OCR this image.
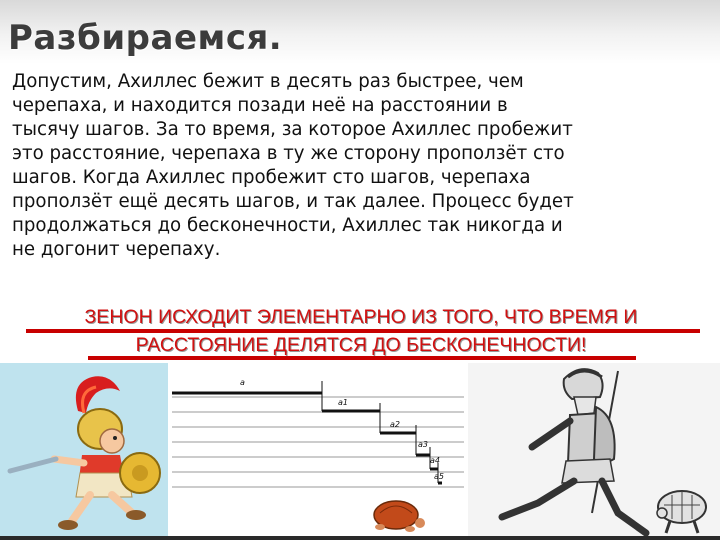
Разбираемся.
Допустим, Ахиллес бежит в десять раз быстрее, чем
черепаха, и находится позади неё на расстоянии в
тысячу шагов. За то время, за которое Ахиллес пробежит
это расстояние, черепаха в ту же сторону проползёт сто
шагов. Когда Ахиллес пробежит сто шагов, черепаха
проползёт ещё десять шагов, и так далее. Процесс будет
продолжаться до бесконечности, Ахиллес так никогда и
не догонит черепаху.
ЗЕНОН ИСХОДИТ ЭЛЕМЕНТАРНО ИЗ ТОГО, ЧТО ВРЕМЯ И
РАССТОЯНИЕ ДЕЛЯТСЯ ДО БЕСКОНЕЧНОСТИ!
a
a1
a2
a3
a4
a5
